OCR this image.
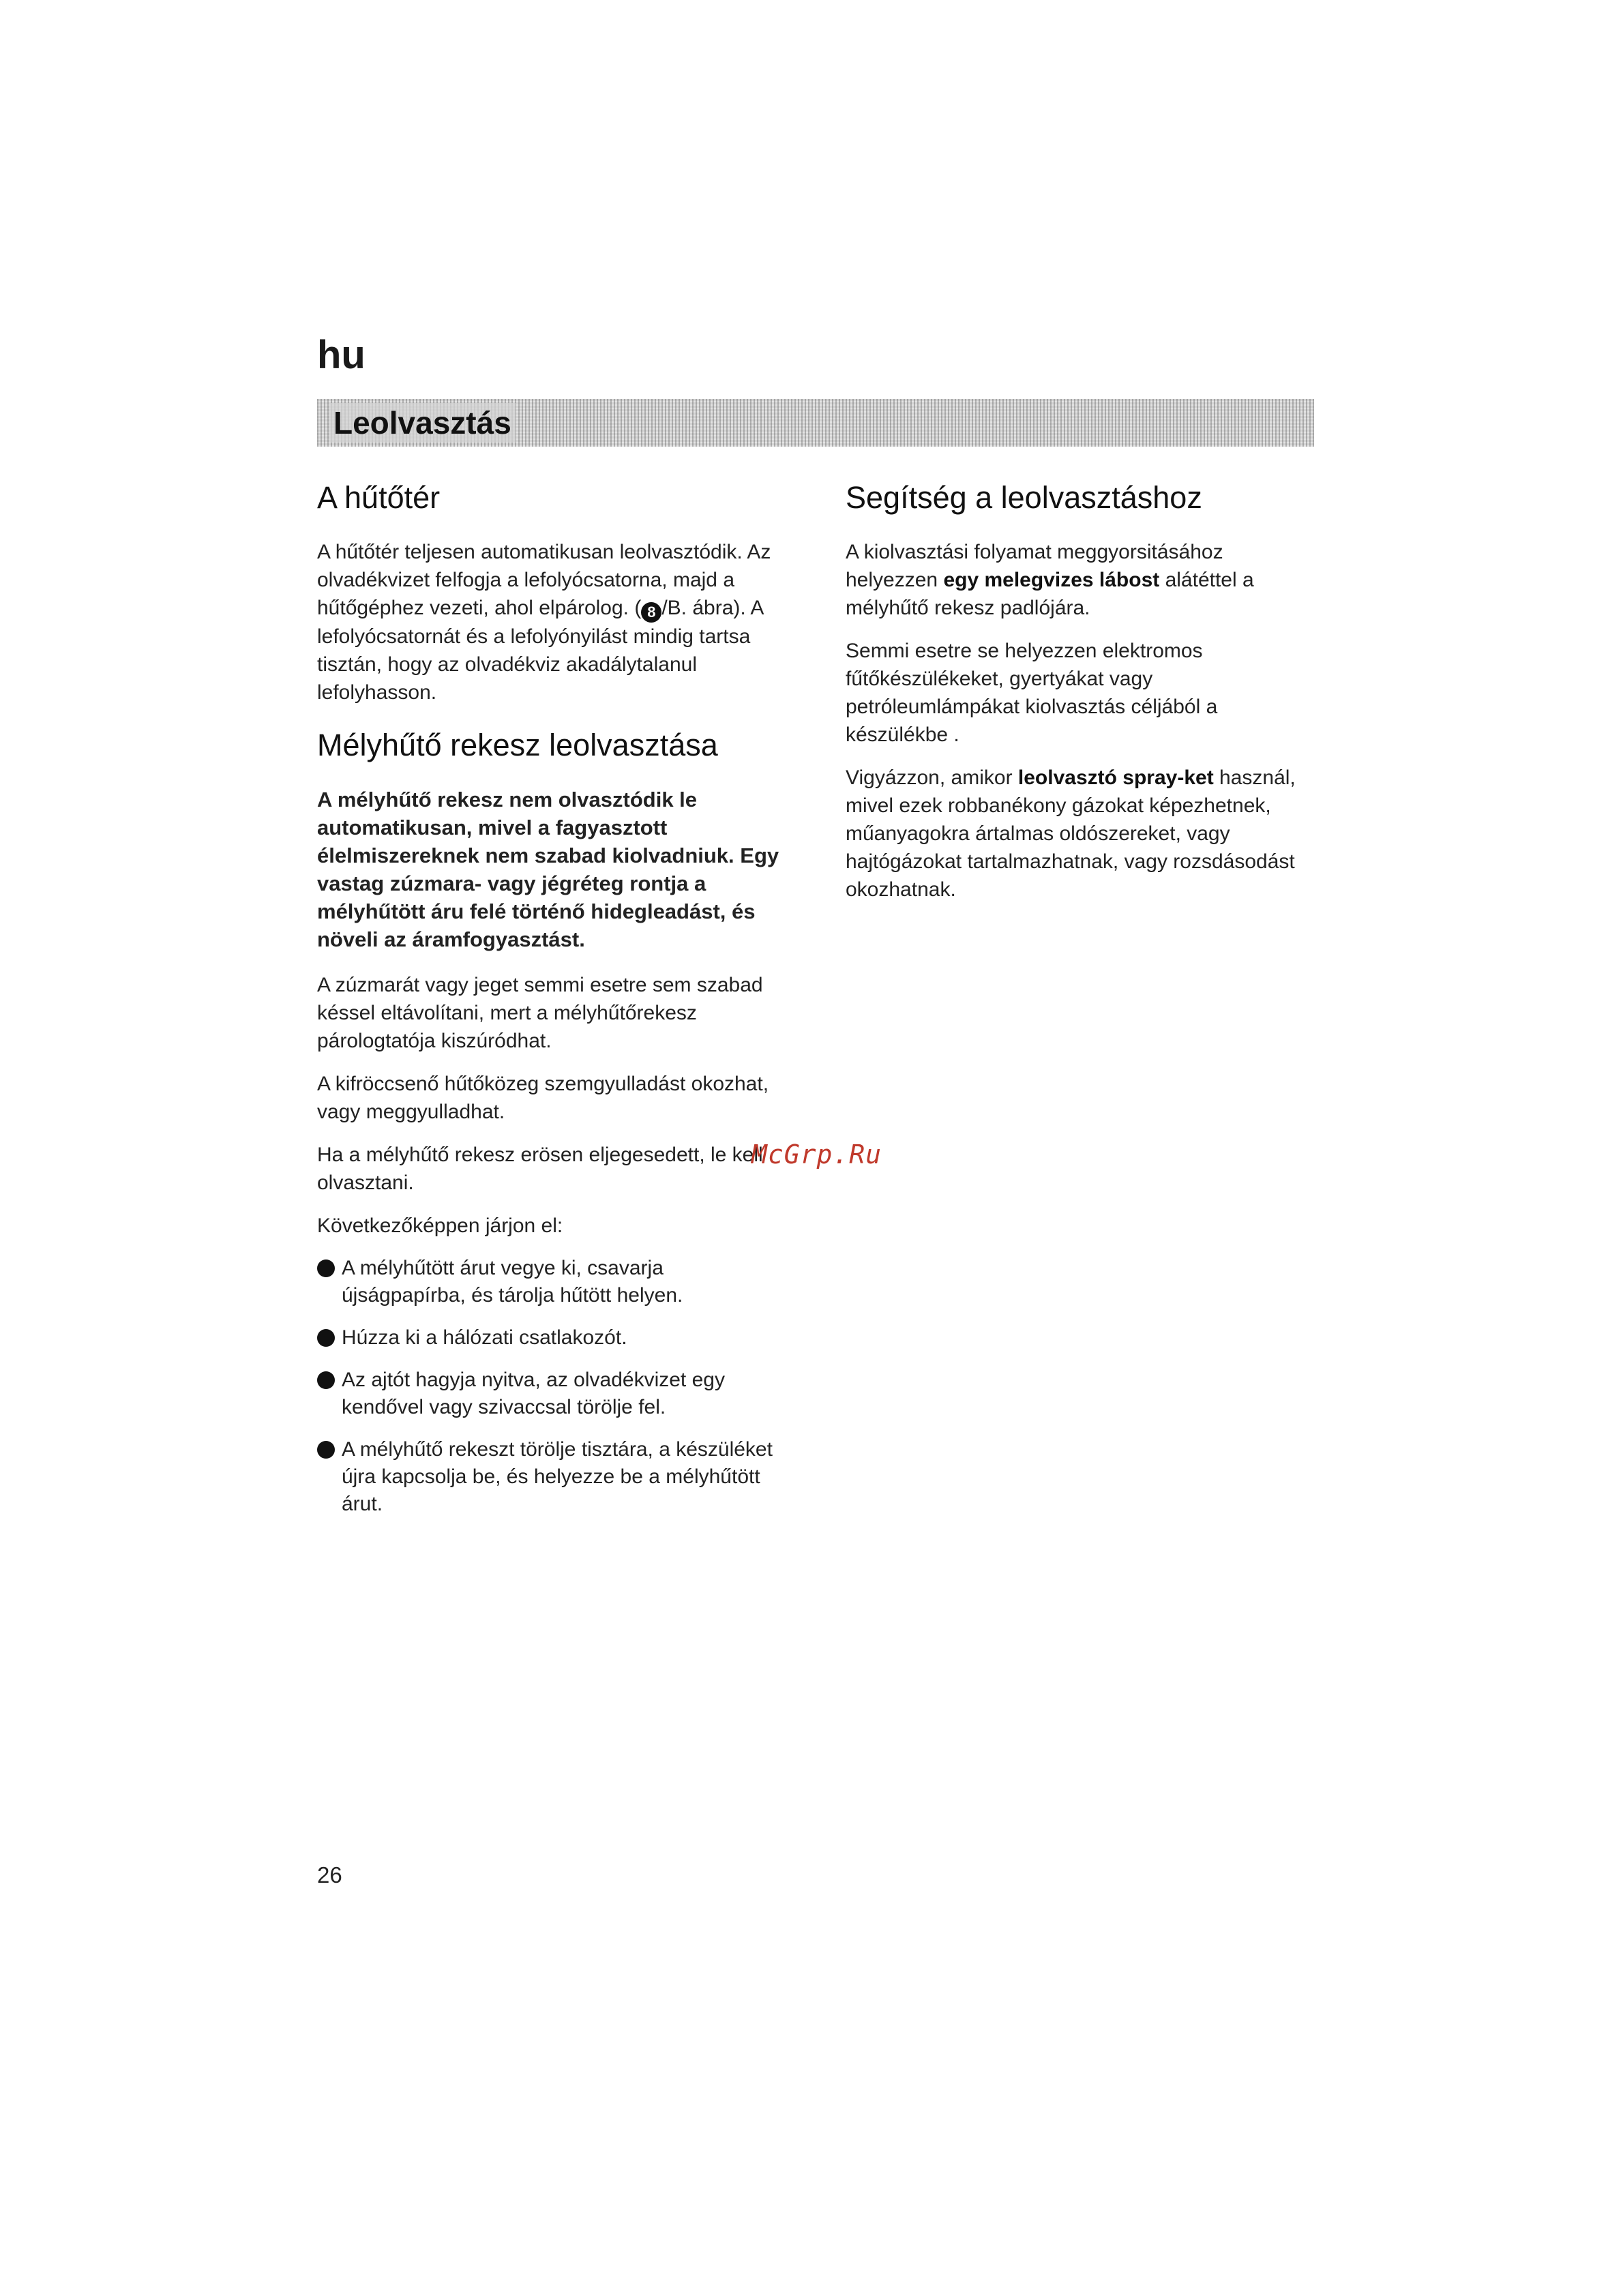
hu
Leolvasztás
A hűtőtér

A hűtőtér teljesen automatikusan leolvasztódik. Az olvadékvizet felfogja a lefolyócsatorna, majd a hűtőgéphez vezeti, ahol elpárolog. ( 8 /B. ábra). A lefolyócsatornát és a lefolyónyilást mindig tartsa tisztán, hogy az olvadékviz akadálytalanul lefolyhasson.

Mélyhűtő rekesz leolvasztása

A mélyhűtő rekesz nem olvasztódik le automatikusan, mivel a fagyasztott élelmiszereknek nem szabad kiolvadniuk. Egy vastag zúzmara- vagy jégréteg rontja a mélyhűtött áru felé történő hidegleadást, és növeli az áramfogyasztást.

A zúzmarát vagy jeget semmi esetre sem szabad késsel eltávolítani, mert a mélyhűtőrekesz párologtatója kiszúródhat.

A kifröccsenő hűtőközeg szemgyulladást okozhat, vagy meggyulladhat.

Ha a mélyhűtő rekesz erösen eljegesedett, le kell olvasztani.

Következőképpen járjon el:

A mélyhűtött árut vegye ki, csavarja újságpapírba, és tárolja hűtött helyen.
Húzza ki a hálózati csatlakozót.
Az ajtót hagyja nyitva, az olvadékvizet egy kendővel vagy szivaccsal törölje fel.
A mélyhűtő rekeszt törölje tisztára, a készüléket újra kapcsolja be, és helyezze be a mélyhűtött árut.
Segítség a leolvasztáshoz

A kiolvasztási folyamat meggyorsitásához helyezzen egy melegvizes lábost alátéttel a mélyhűtő rekesz padlójára.

Semmi esetre se helyezzen elektromos fűtőkészülékeket, gyertyákat vagy petróleumlámpákat kiolvasztás céljából a készülékbe .

Vigyázzon, amikor leolvasztó spray-ket használ, mivel ezek robbanékony gázokat képezhetnek, műanyagokra ártalmas oldószereket, vagy hajtógázokat tartalmazhatnak, vagy rozsdásodást okozhatnak.

McGrp.Ru
26
